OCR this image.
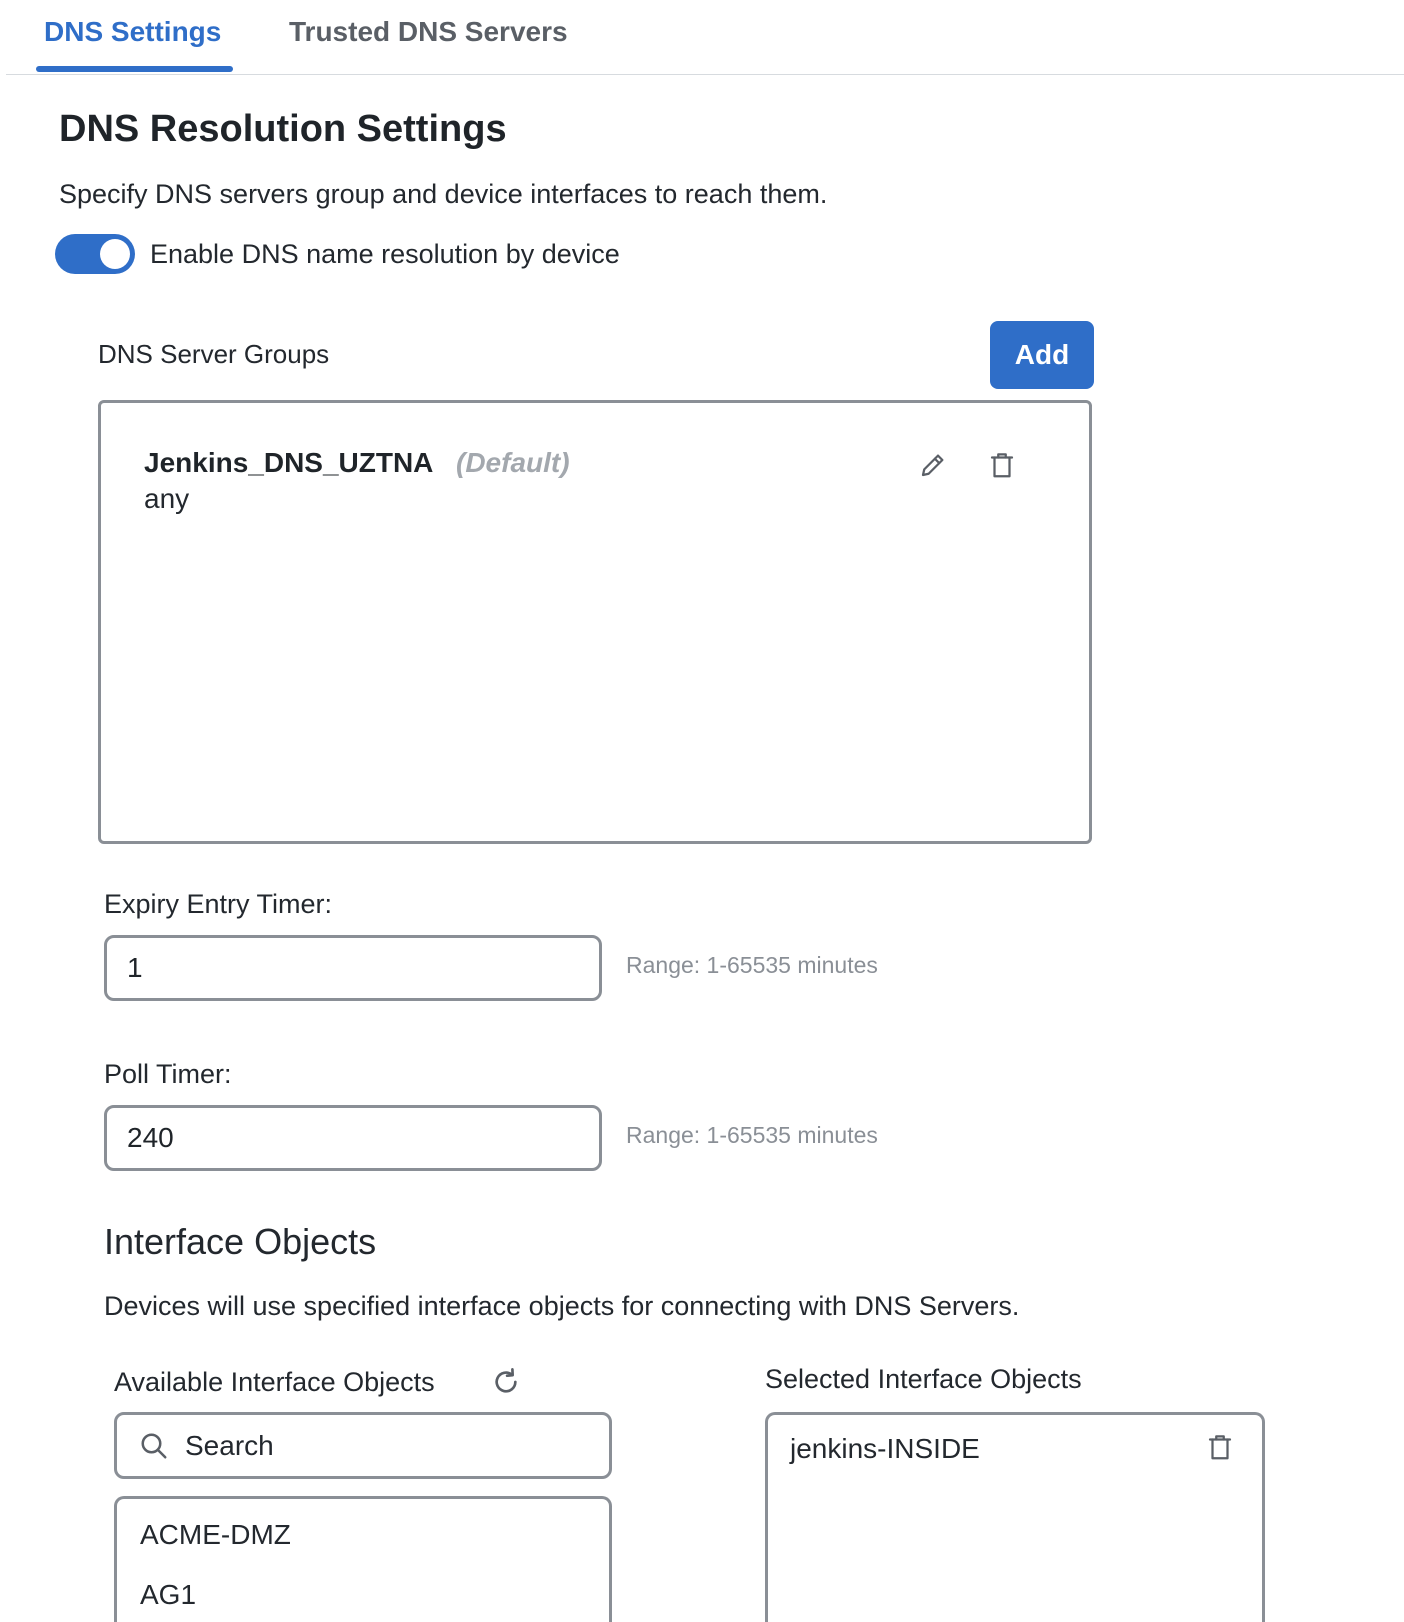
DNS Settings Trusted DNS Servers
DNS Resolution Settings
Specify DNS servers group and device interfaces to reach them.
Enable DNS name resolution by device
DNS Server Groups	Add
Jenkins_DNS_UZTNA (Default)
any
Expiry Entry Timer:
1
Range: 1-65535 minutes
Poll Timer:
240
Range: 1-65535 minutes
Interface Objects
Devices will use specified interface objects for connecting with DNS Servers.
Available Interface Objects	Selected Interface Objects
Search
ACME-DMZ
AG1
jenkins-INSIDE
